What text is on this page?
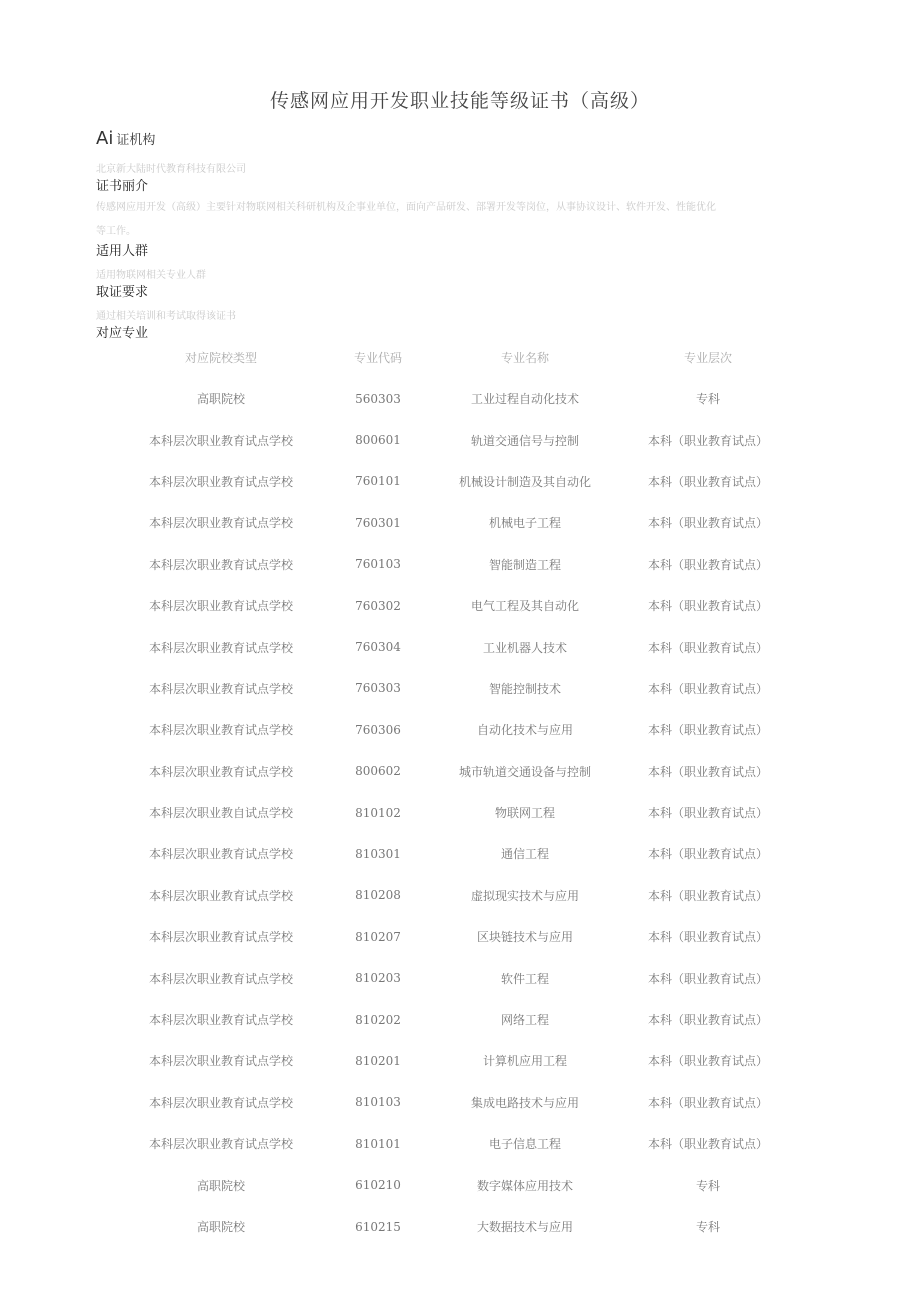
传感网应用开发职业技能等级证书（高级）
Ai 证机构
北京新大陆时代教育科技有限公司
证书丽介
传感网应用开发（高级）主要针对物联网相关科研机构及企事业单位，面向产品研发、部署开发等岗位，从事协议设计、软件开发、性能优化
等工作。
适用人群
适用物联网相关专业人群
取证要求
通过相关培训和考试取得该证书
对应专业
对应院校类型	专业代码	专业名称	专业层次
高职院校	560303	工业过程自动化技术	专科
本科层次职业教育试点学校	800601	轨道交通信号与控制	本科（职业教育试点）
本科层次职业教育试点学校	760101	机械设计制造及其自动化	本科（职业教育试点）
本科层次职业教育试点学校	760301	机械电子工程	本科（职业教育试点）
本科层次职业教育试点学校	760103	智能制造工程	本科（职业教育试点）
本科层次职业教育试点学校	760302	电气工程及其自动化	本科（职业教育试点）
本科层次职业教育试点学校	760304	工业机器人技术	本科（职业教育试点）
本科层次职业教育试点学校	760303	智能控制技术	本科（职业教育试点）
本科层次职业教育试点学校	760306	自动化技术与应用	本科（职业教育试点）
本科层次职业教育试点学校	800602	城市轨道交通设备与控制	本科（职业教育试点）
本科层次职业教自试点学校	810102	物联网工程	本科（职业教育试点）
本科层次职业教育试点学校	810301	通信工程	本科（职业教育试点）
本科层次职业教育试点学校	810208	虚拟现实技术与应用	本科（职业教育试点）
本科层次职业教育试点学校	810207	区块链技术与应用	本科（职业教育试点）
本科层次职业教育试点学校	810203	软件工程	本科（职业教育试点）
本科层次职业教育试点学校	810202	网络工程	本科（职业教育试点）
本科层次职业教育试点学校	810201	计算机应用工程	本科（职业教育试点）
本科层次职业教育试点学校	810103	集成电路技术与应用	本科（职业教育试点）
本科层次职业教育试点学校	810101	电子信息工程	本科（职业教育试点）
高职院校	610210	数字媒体应用技术	专科
高职院校	610215	大数据技术与应用	专科
